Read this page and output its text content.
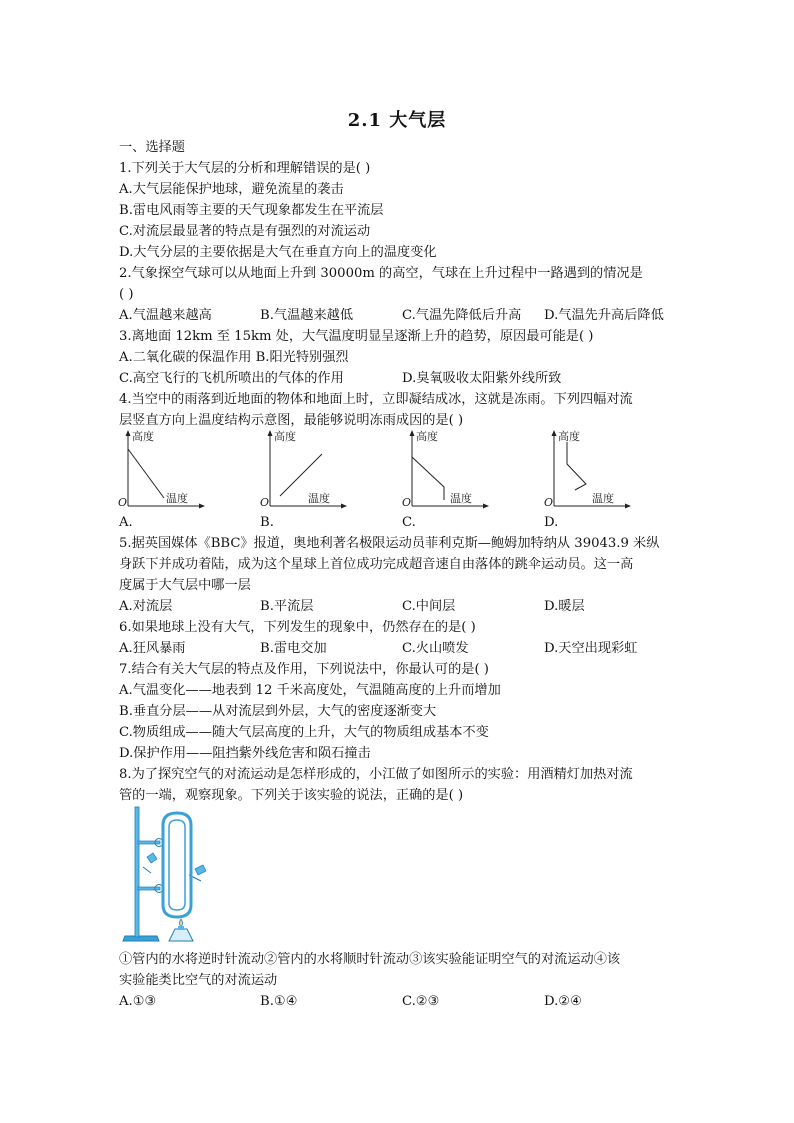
2.1 大气层
一、选择题
1.下列关于大气层的分析和理解错误的是( )
A.大气层能保护地球，避免流星的袭击
B.雷电风雨等主要的天气现象都发生在平流层
C.对流层最显著的特点是有强烈的对流运动
D.大气分层的主要依据是大气在垂直方向上的温度变化
2.气象探空气球可以从地面上升到 30000m 的高空，气球在上升过程中一路遇到的情况是
( )
A.气温越来越高	B.气温越来越低	C.气温先降低后升高 D.气温先升高后降低
3.离地面 12km 至 15km 处，大气温度明显呈逐渐上升的趋势，原因最可能是( )
A.二氧化碳的保温作用 B.阳光特别强烈
C.高空飞行的飞机所喷出的气体的作用	D.臭氧吸收太阳紫外线所致
4.当空中的雨落到近地面的物体和地面上时，立即凝结成冰，这就是冻雨。下列四幅对流
层竖直方向上温度结构示意图，最能够说明冻雨成因的是( )
高度
温度
O
高度
温度
O
高度
温度
O
高度
温度
O
A.	B.	C.	D.
5.据英国媒体《BBC》报道，奥地利著名极限运动员菲利克斯—鲍姆加特纳从 39043.9 米纵
身跃下并成功着陆，成为这个星球上首位成功完成超音速自由落体的跳伞运动员。这一高
度属于大气层中哪一层
A.对流层	B.平流层	C.中间层	D.暖层
6.如果地球上没有大气，下列发生的现象中，仍然存在的是( )
A.狂风暴雨	B.雷电交加	C.火山喷发	D.天空出现彩虹
7.结合有关大气层的特点及作用，下列说法中，你最认可的是( )
A.气温变化——地表到 12 千米高度处，气温随高度的上升而增加
B.垂直分层——从对流层到外层，大气的密度逐渐变大
C.物质组成——随大气层高度的上升，大气的物质组成基本不变
D.保护作用——阻挡紫外线危害和陨石撞击
8.为了探究空气的对流运动是怎样形成的，小江做了如图所示的实验：用酒精灯加热对流
管的一端，观察现象。下列关于该实验的说法，正确的是( )
①管内的水将逆时针流动②管内的水将顺时针流动③该实验能证明空气的对流运动④该
实验能类比空气的对流运动
A.①③	B.①④	C.②③	D.②④
